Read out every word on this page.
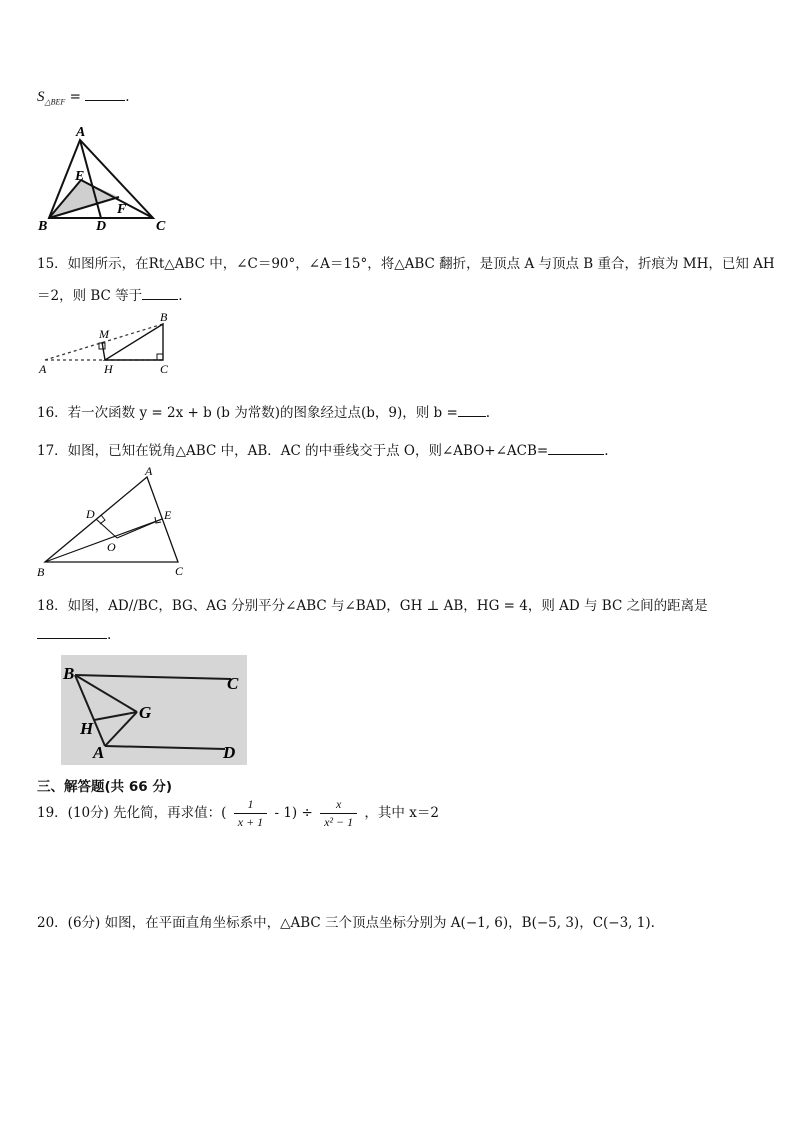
$S_{\triangle BEF}$ =	.
A
E
F
B	D	C
15．如图所示，在Rt△ABC 中，∠C＝90°，∠A＝15°，将△ABC 翻折，是顶点 A 与顶点 B 重合，折痕为 MH，已知 AH
＝2，则 BC 等于	.
B
M
A	H	C
16．若一次函数 y = 2x + b (b 为常数)的图象经过点(b，9)，则 b = .
17．如图，已知在锐角△ABC 中，AB．AC 的中垂线交于点 O，则∠ABO+∠ACB=	.
A
D	E
O
B	C
18．如图，AD//BC，BG、AG 分别平分∠ABC 与∠BAD，GH ⊥ AB，HG = 4，则 AD 与 BC 之间的距离是
.
B
C
G
H
A	D
三、解答题(共 66 分)
19．(10分) 先化简，再求值：( $\frac{1}{x + 1} - 1) \div \frac{x}{\text{x² − 1}}$ ，其中 x＝2
20．(6分) 如图，在平面直角坐标系中，△ABC 三个顶点坐标分别为 A(−1, 6)，B(−5, 3)，C(−3, 1).
